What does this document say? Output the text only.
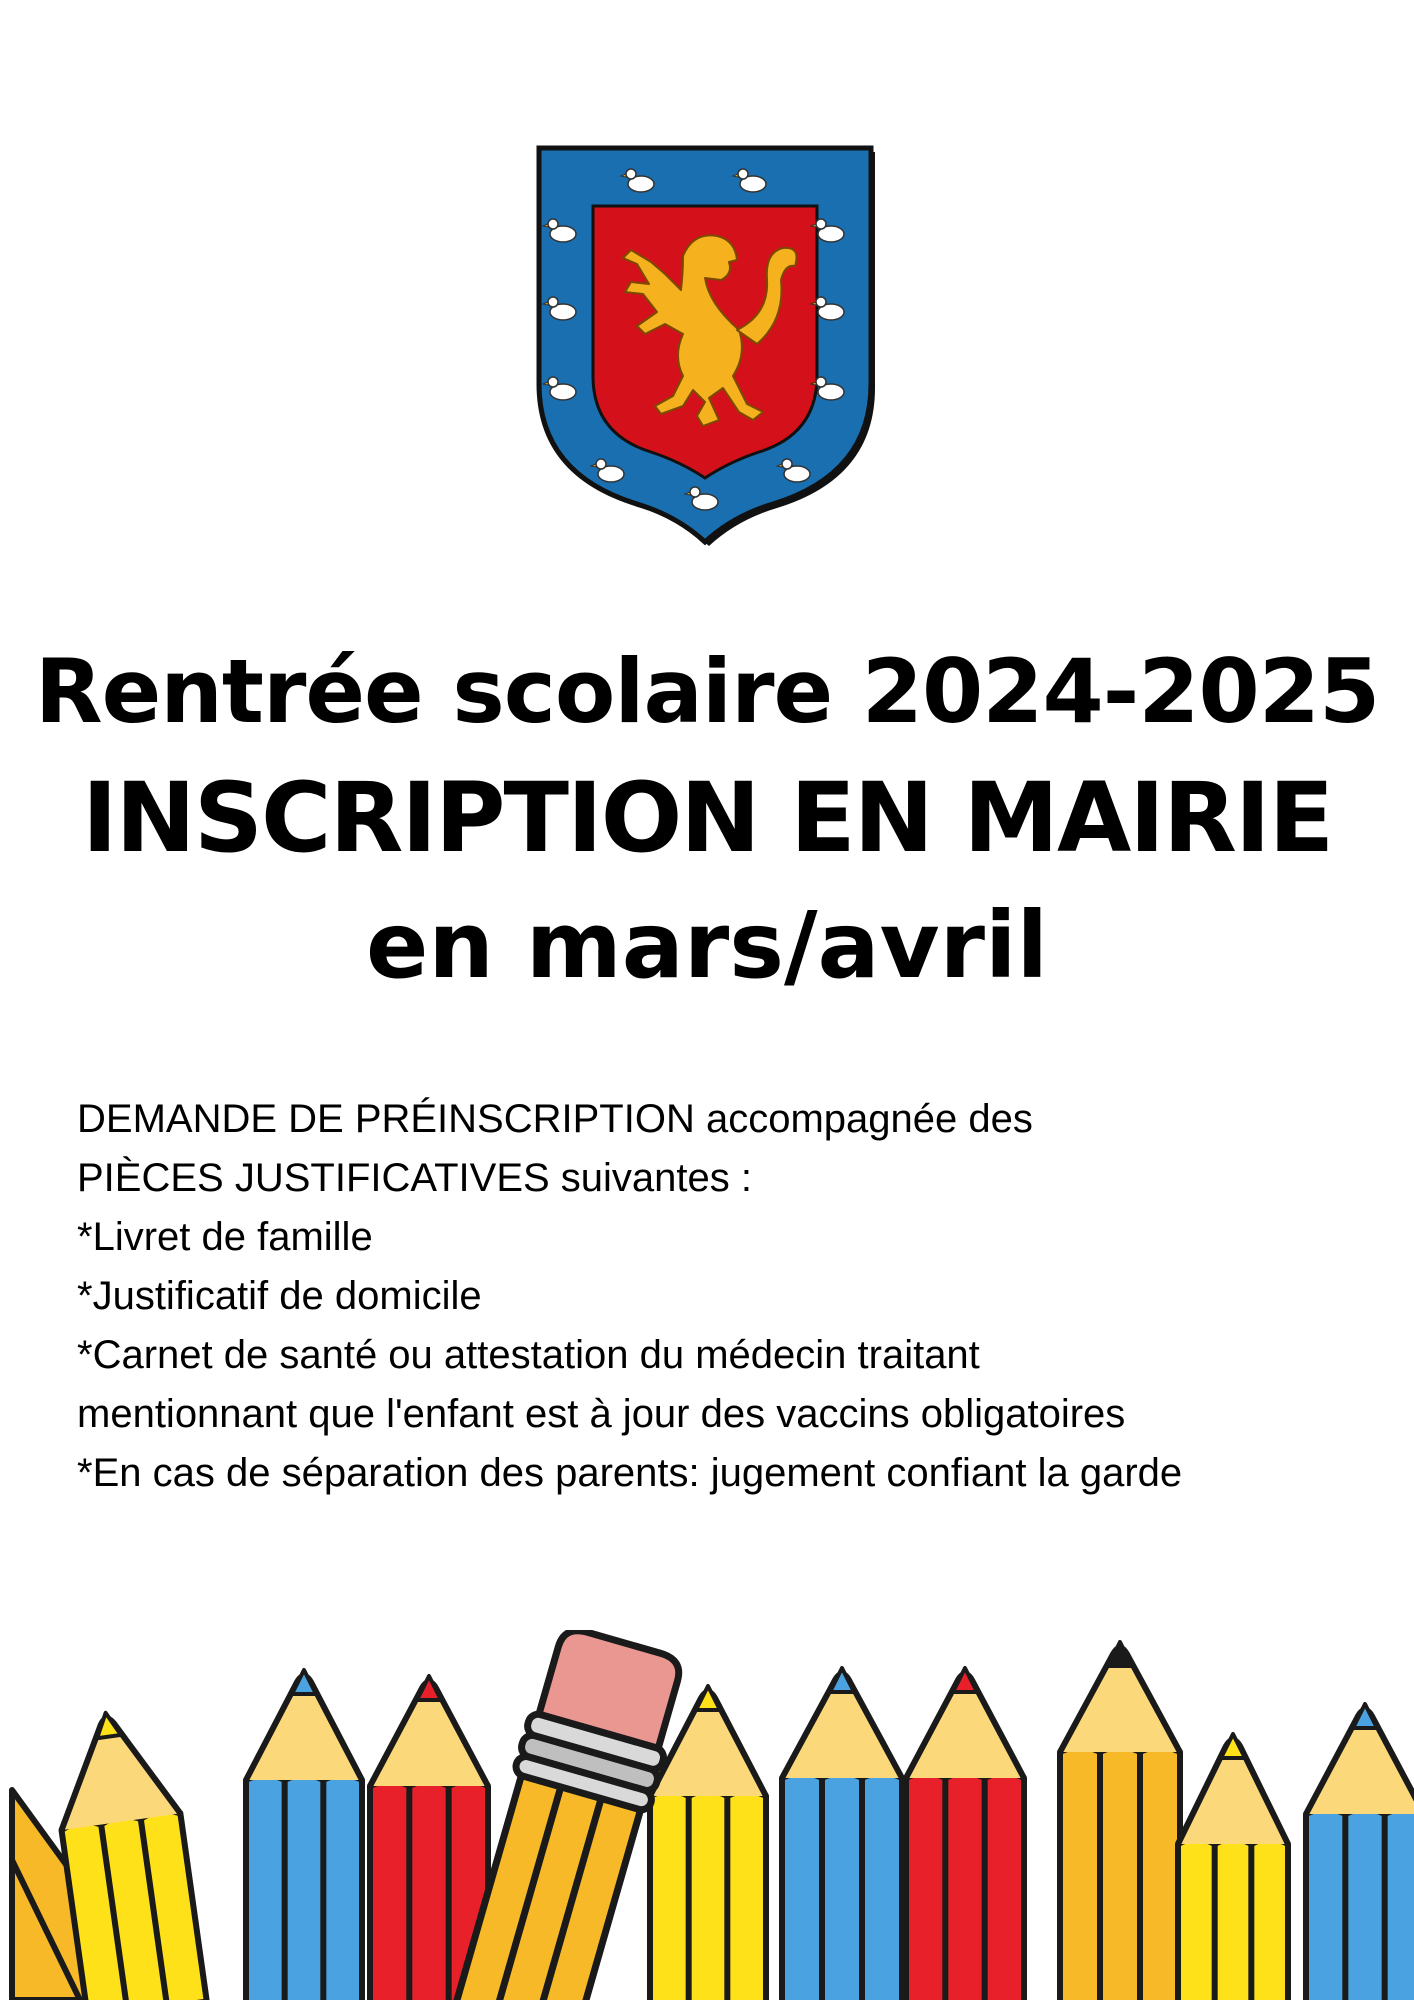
Rentrée scolaire 2024-2025
INSCRIPTION EN MAIRIE
en mars/avril
DEMANDE DE PRÉINSCRIPTION accompagnée des
PIÈCES JUSTIFICATIVES suivantes :
*Livret de famille
*Justificatif de domicile
*Carnet de santé ou attestation du médecin traitant
mentionnant que l'enfant est à jour des vaccins obligatoires
*En cas de séparation des parents: jugement confiant la garde
